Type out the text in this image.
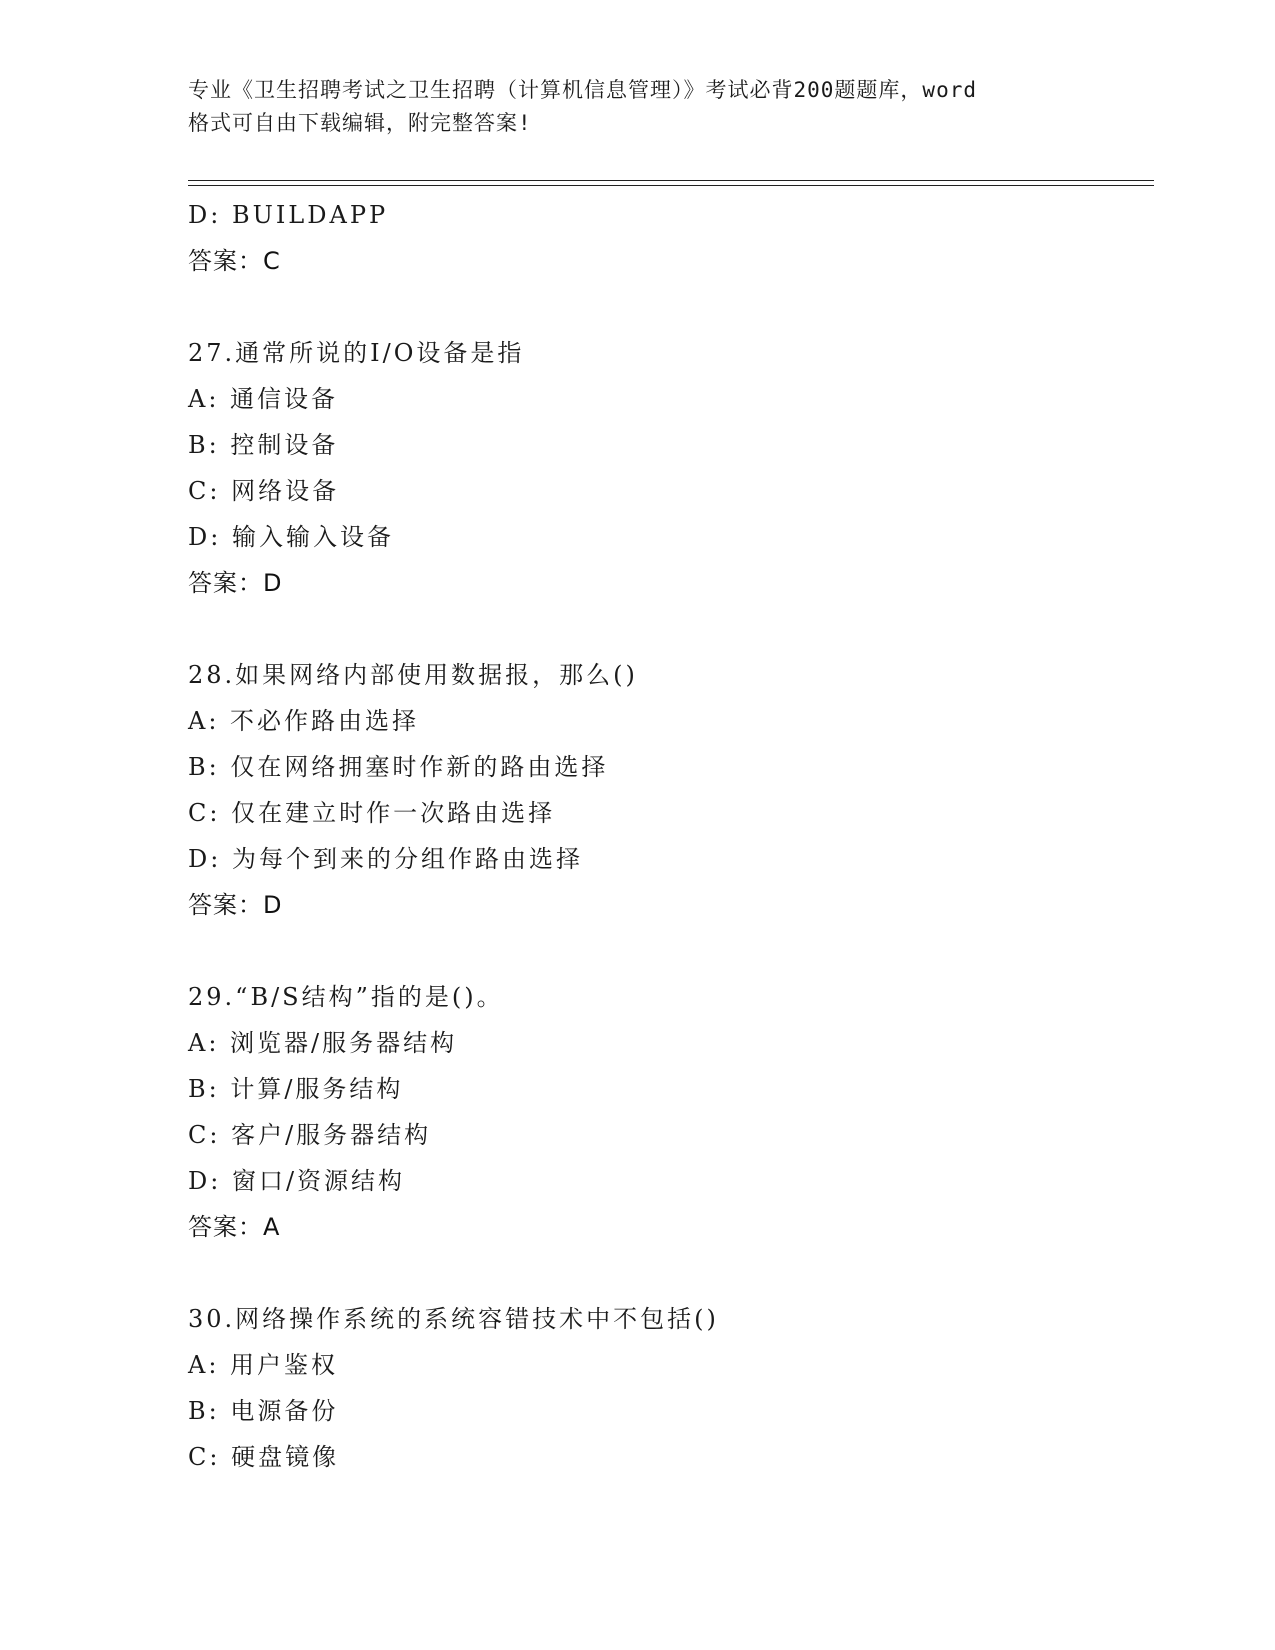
专业《卫生招聘考试之卫生招聘（计算机信息管理）》考试必背200题题库，word
格式可自由下载编辑，附完整答案!
D: BUILDAPP
答案：C
27.通常所说的I/O设备是指
A: 通信设备
B: 控制设备
C: 网络设备
D: 输入输入设备
答案：D
28.如果网络内部使用数据报，那么()
A: 不必作路由选择
B: 仅在网络拥塞时作新的路由选择
C: 仅在建立时作一次路由选择
D: 为每个到来的分组作路由选择
答案：D
29.“B/S结构”指的是()。
A: 浏览器/服务器结构
B: 计算/服务结构
C: 客户/服务器结构
D: 窗口/资源结构
答案：A
30.网络操作系统的系统容错技术中不包括()
A: 用户鉴权
B: 电源备份
C: 硬盘镜像
